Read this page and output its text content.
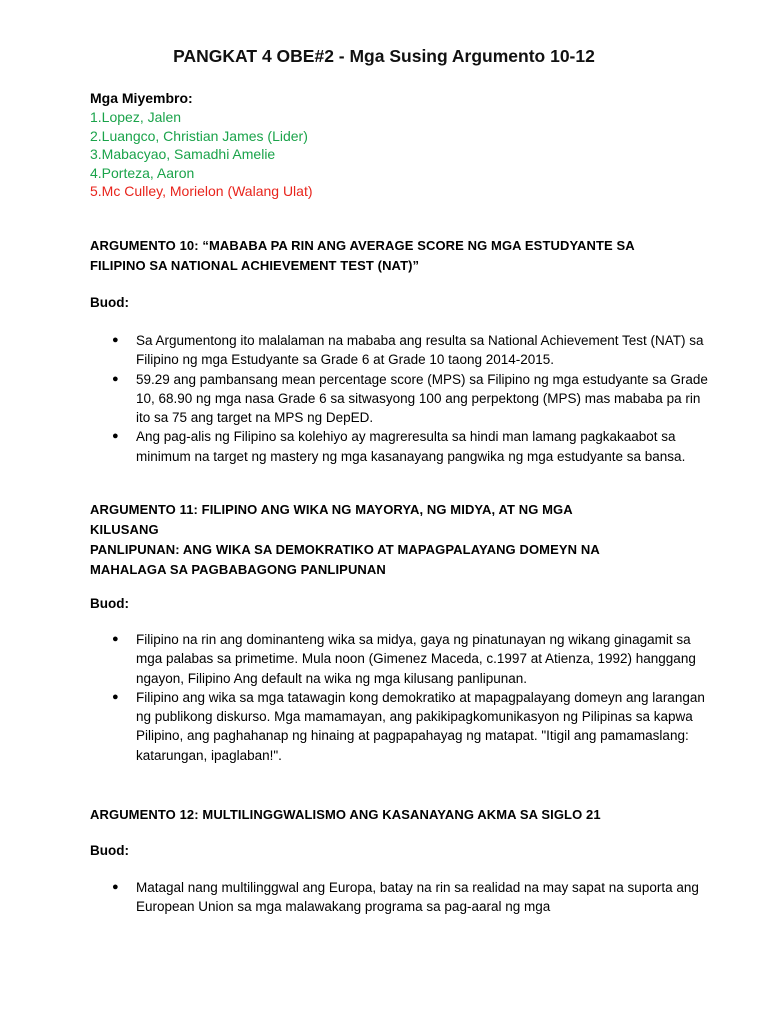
PANGKAT 4 OBE#2 - Mga Susing Argumento 10-12
Mga Miyembro:
1.Lopez, Jalen
2.Luangco, Christian James (Lider)
3.Mabacyao, Samadhi Amelie
4.Porteza, Aaron
5.Mc Culley, Morielon (Walang Ulat)
ARGUMENTO 10: “MABABA PA RIN ANG AVERAGE SCORE NG MGA ESTUDYANTE SA FILIPINO SA NATIONAL ACHIEVEMENT TEST (NAT)”
Buod:
● Sa Argumentong ito malalaman na mababa ang resulta sa National Achievement Test (NAT) sa Filipino ng mga Estudyante sa Grade 6 at Grade 10 taong 2014-2015.
● 59.29 ang pambansang mean percentage score (MPS) sa Filipino ng mga estudyante sa Grade 10, 68.90 ng mga nasa Grade 6 sa sitwasyong 100 ang perpektong (MPS) mas mababa pa rin ito sa 75 ang target na MPS ng DepED.
● Ang pag-alis ng Filipino sa kolehiyo ay magreresulta sa hindi man lamang pagkakaabot sa minimum na target ng mastery ng mga kasanayang pangwika ng mga estudyante sa bansa.
ARGUMENTO 11: FILIPINO ANG WIKA NG MAYORYA, NG MIDYA, AT NG MGA KILUSANG
PANLIPUNAN: ANG WIKA SA DEMOKRATIKO AT MAPAGPALAYANG DOMEYN NA MAHALAGA SA PAGBABAGONG PANLIPUNAN
Buod:
● Filipino na rin ang dominanteng wika sa midya, gaya ng pinatunayan ng wikang ginagamit sa mga palabas sa primetime. Mula noon (Gimenez Maceda, c.1997 at Atienza, 1992) hanggang ngayon, Filipino Ang default na wika ng mga kilusang panlipunan.
● Filipino ang wika sa mga tatawagin kong demokratiko at mapagpalayang domeyn ang larangan ng publikong diskurso. Mga mamamayan, ang pakikipagkomunikasyon ng Pilipinas sa kapwa Pilipino, ang paghahanap ng hinaing at pagpapahayag ng matapat. "Itigil ang pamamaslang: katarungan, ipaglaban!".
ARGUMENTO 12: MULTILINGGWALISMO ANG KASANAYANG AKMA SA SIGLO 21
Buod:
● Matagal nang multilinggwal ang Europa, batay na rin sa realidad na may sapat na suporta ang European Union sa mga malawakang programa sa pag-aaral ng mga
